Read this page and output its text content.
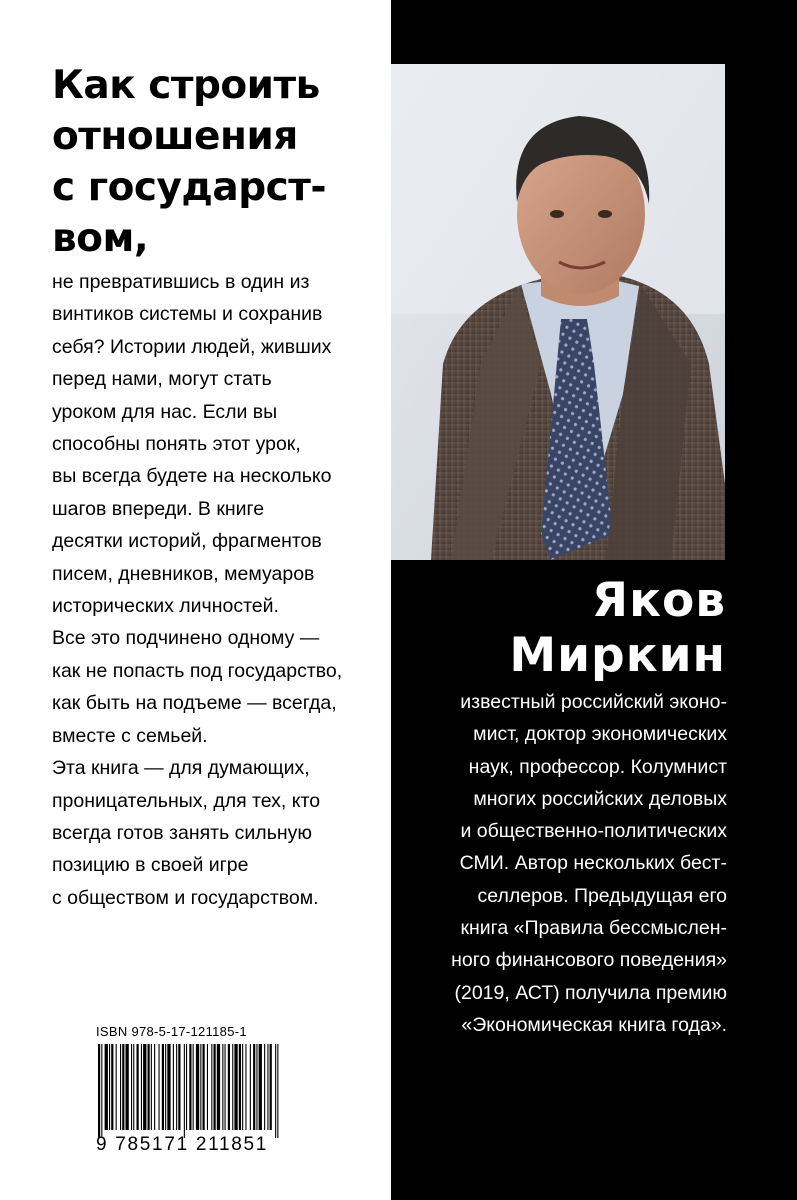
Как строить
отношения
с государст-
вом,

не превратившись в один из
винтиков системы и сохранив
себя? Истории людей, живших
перед нами, могут стать
уроком для нас. Если вы
способны понять этот урок,
вы всегда будете на несколько
шагов впереди. В книге
десятки историй, фрагментов
писем, дневников, мемуаров
исторических личностей.
Все это подчинено одному —
как не попасть под государство,
как быть на подъеме — всегда,
вместе с семьей.
Эта книга — для думающих,
проницательных, для тех, кто
всегда готов занять сильную
позицию в своей игре
с обществом и государством.

ISBN 978-5-17-121185-1
9 785171 211851
Яков
Миркин

известный российский эконо-
мист, доктор экономических
наук, профессор. Колумнист
многих российских деловых
и общественно-политических
СМИ. Автор нескольких бест-
селлеров. Предыдущая его
книга «Правила бессмыслен-
ного финансового поведения»
(2019, АСТ) получила премию
«Экономическая книга года».
